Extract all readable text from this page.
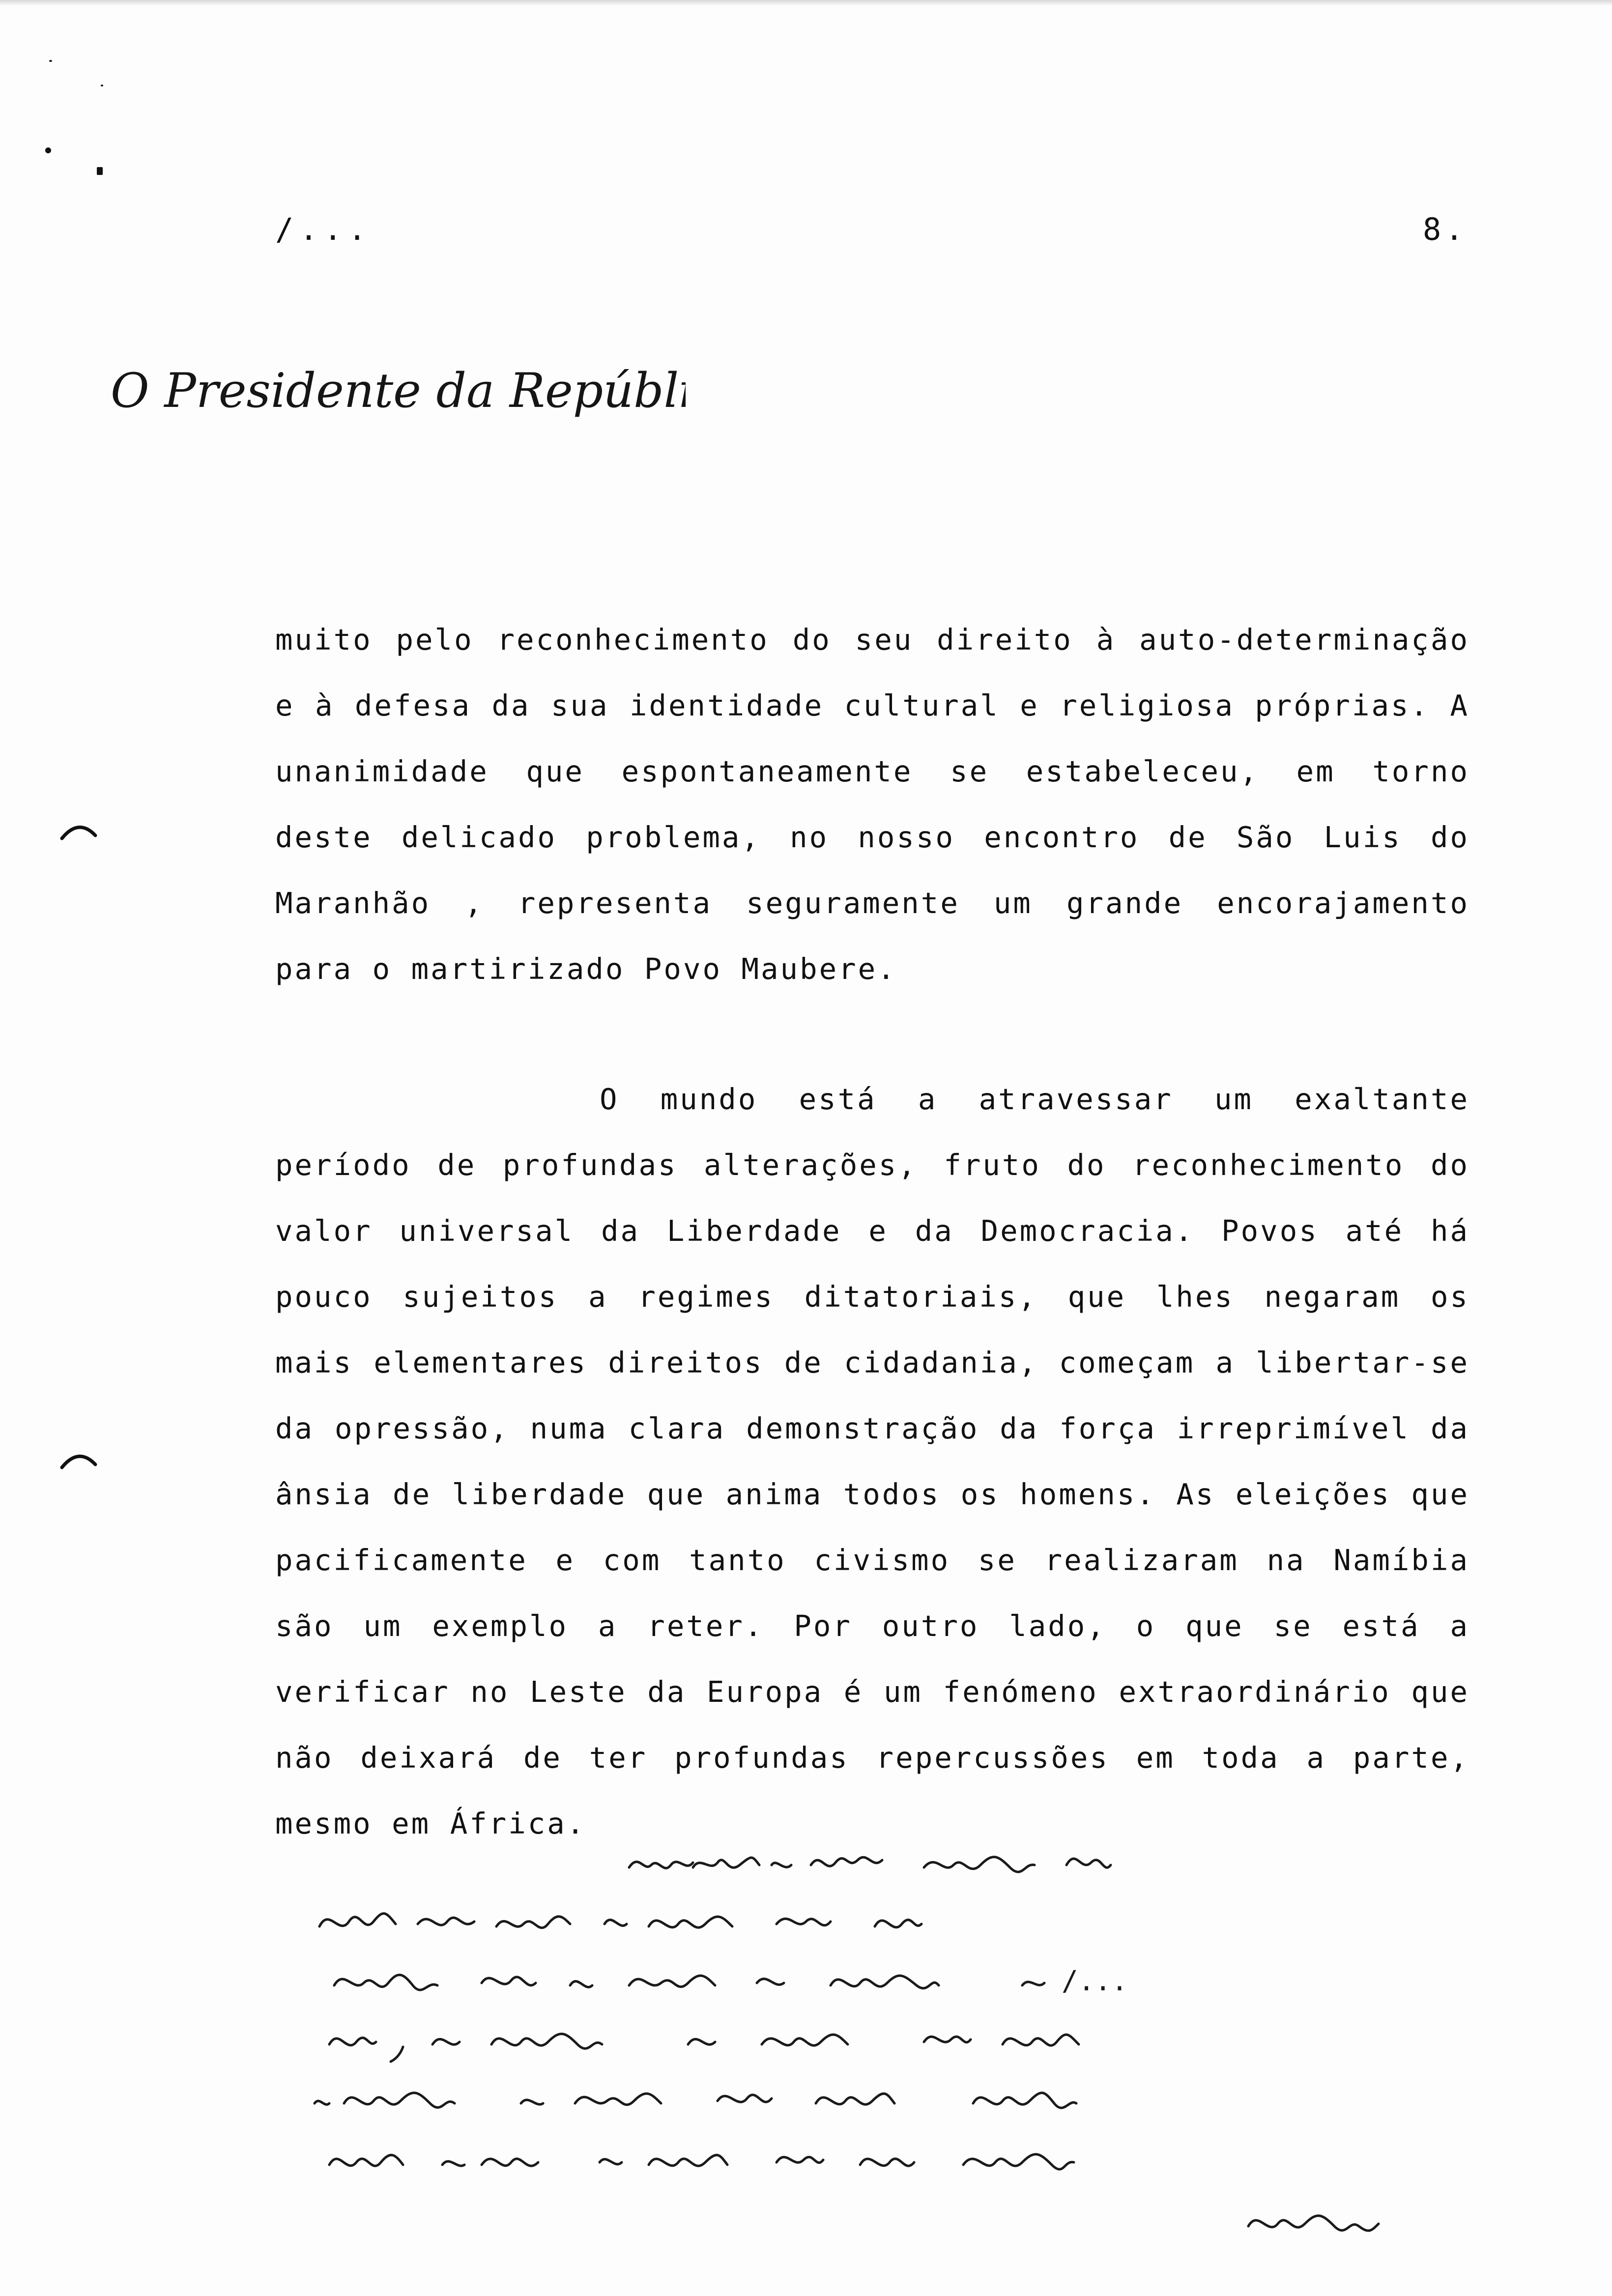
/...	8.
O Presidente da República
muito pelo reconhecimento do seu direito à auto-determinação e à defesa da sua identidade cultural e religiosa próprias. A unanimidade que espontaneamente se estabeleceu, em torno deste delicado problema, no nosso encontro de São Luis do Maranhão , representa seguramente um grande encorajamento para o martirizado Povo Maubere.
O mundo está a atravessar um exaltante período de profundas alterações, fruto do reconhecimento do valor universal da Liberdade e da Democracia. Povos até há pouco sujeitos a regimes ditatoriais, que lhes negaram os mais elementares direitos de cidadania, começam a libertar-se da opressão, numa clara demonstração da força irreprimível da ânsia de liberdade que anima todos os homens. As eleições que pacificamente e com tanto civismo se realizaram na Namíbia são um exemplo a reter. Por outro lado, o que se está a verificar no Leste da Europa é um fenómeno extraordinário que não deixará de ter profundas repercussões em toda a parte, mesmo em África.
/...
